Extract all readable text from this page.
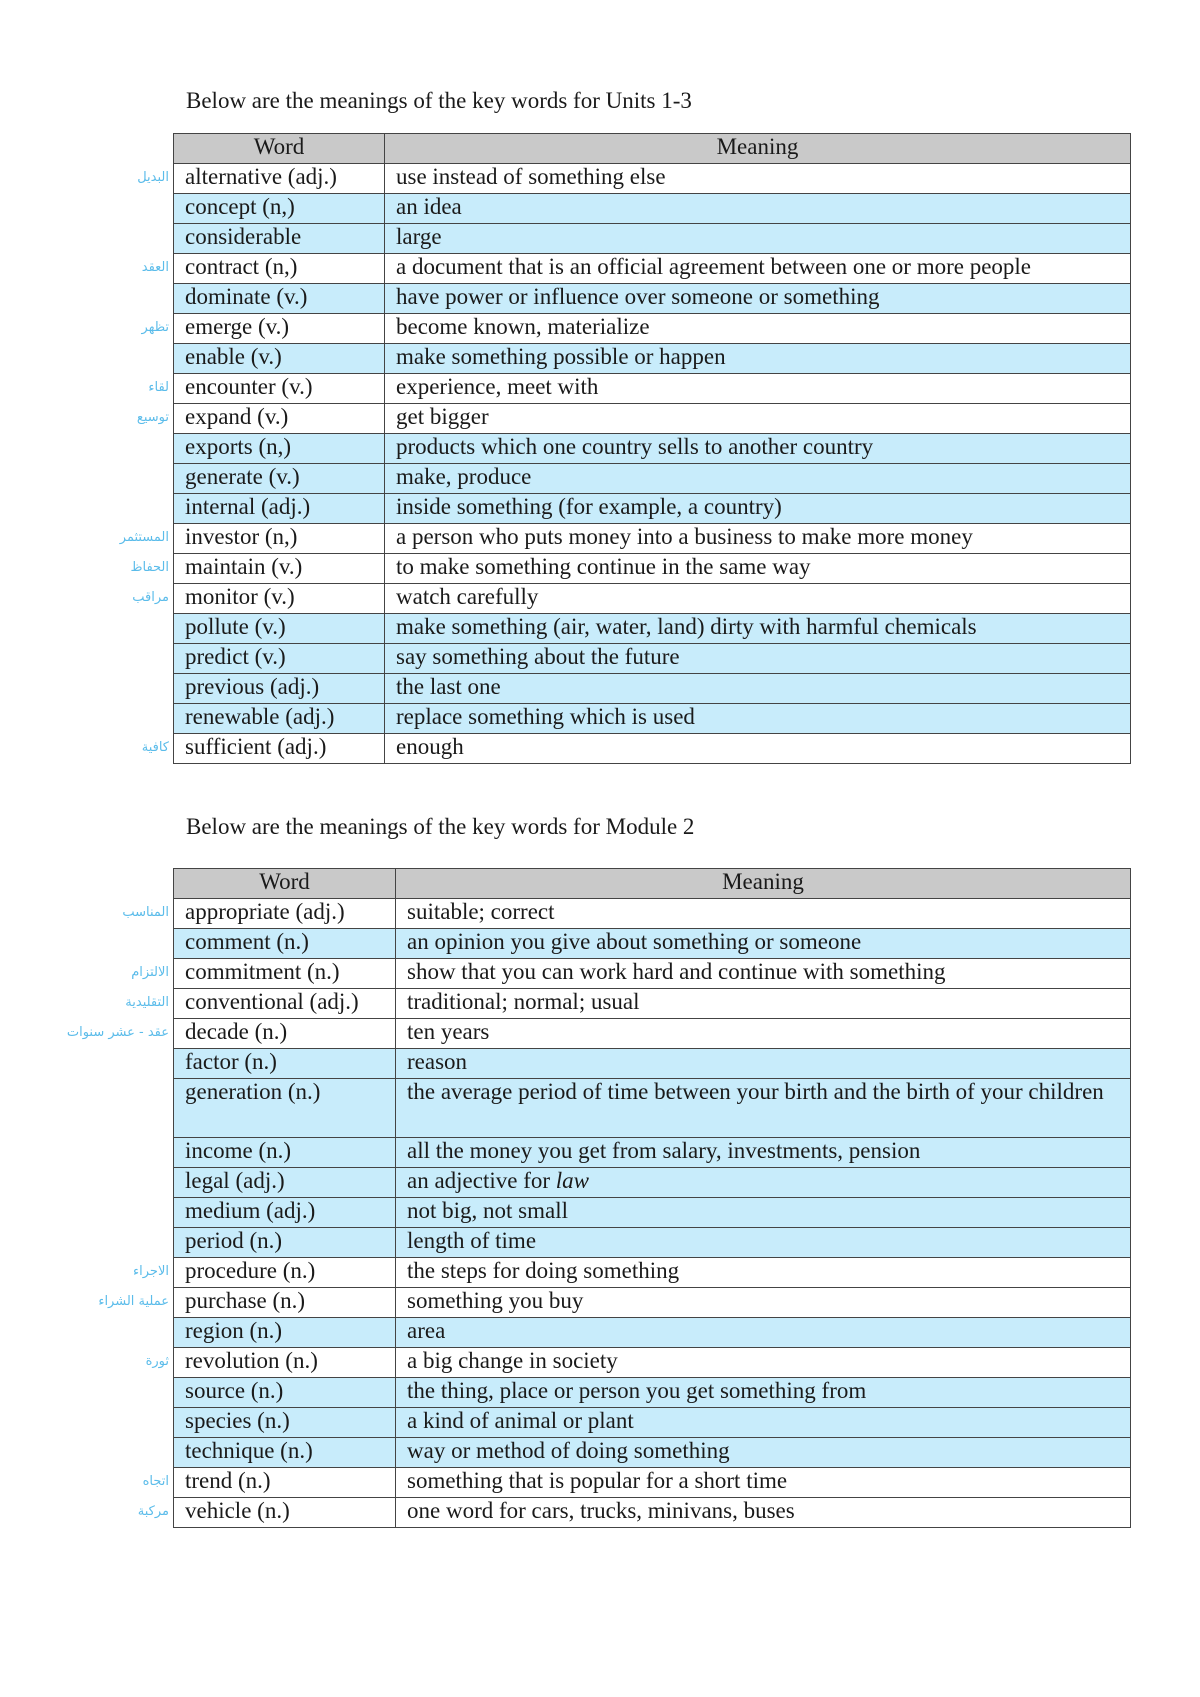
Below are the meanings of the key words for Units 1-3
Word	Meaning
alternative (adj.)	use instead of something else
concept (n,)	an idea
considerable	large
contract (n,)	a document that is an official agreement between one or more people
dominate (v.)	have power or influence over someone or something
emerge (v.)	become known, materialize
enable (v.)	make something possible or happen
encounter (v.)	experience, meet with
expand (v.)	get bigger
exports (n,)	products which one country sells to another country
generate (v.)	make, produce
internal (adj.)	inside something (for example, a country)
investor (n,)	a person who puts money into a business to make more money
maintain (v.)	to make something continue in the same way
monitor (v.)	watch carefully
pollute (v.)	make something (air, water, land) dirty with harmful chemicals
predict (v.)	say something about the future
previous (adj.)	the last one
renewable (adj.)	replace something which is used
sufficient (adj.)	enough
Below are the meanings of the key words for Module 2
Word	Meaning
appropriate (adj.)	suitable; correct
comment (n.)	an opinion you give about something or someone
commitment (n.)	show that you can work hard and continue with something
conventional (adj.)	traditional; normal; usual
decade (n.)	ten years
factor (n.)	reason
generation (n.)	the average period of time between your birth and the birth of your children
income (n.)	all the money you get from salary, investments, pension
legal (adj.)	an adjective for law
medium (adj.)	not big, not small
period (n.)	length of time
procedure (n.)	the steps for doing something
purchase (n.)	something you buy
region (n.)	area
revolution (n.)	a big change in society
source (n.)	the thing, place or person you get something from
species (n.)	a kind of animal or plant
technique (n.)	way or method of doing something
trend (n.)	something that is popular for a short time
vehicle (n.)	one word for cars, trucks, minivans, buses
البديل
العقد
تظهر
لقاء
توسيع
المستثمر
الحفاظ
مراقب
كافية
المناسب
الالتزام
التقليدية
عقد - عشر سنوات
الاجراء
عملية الشراء
ثورة
اتجاه
مركبة
